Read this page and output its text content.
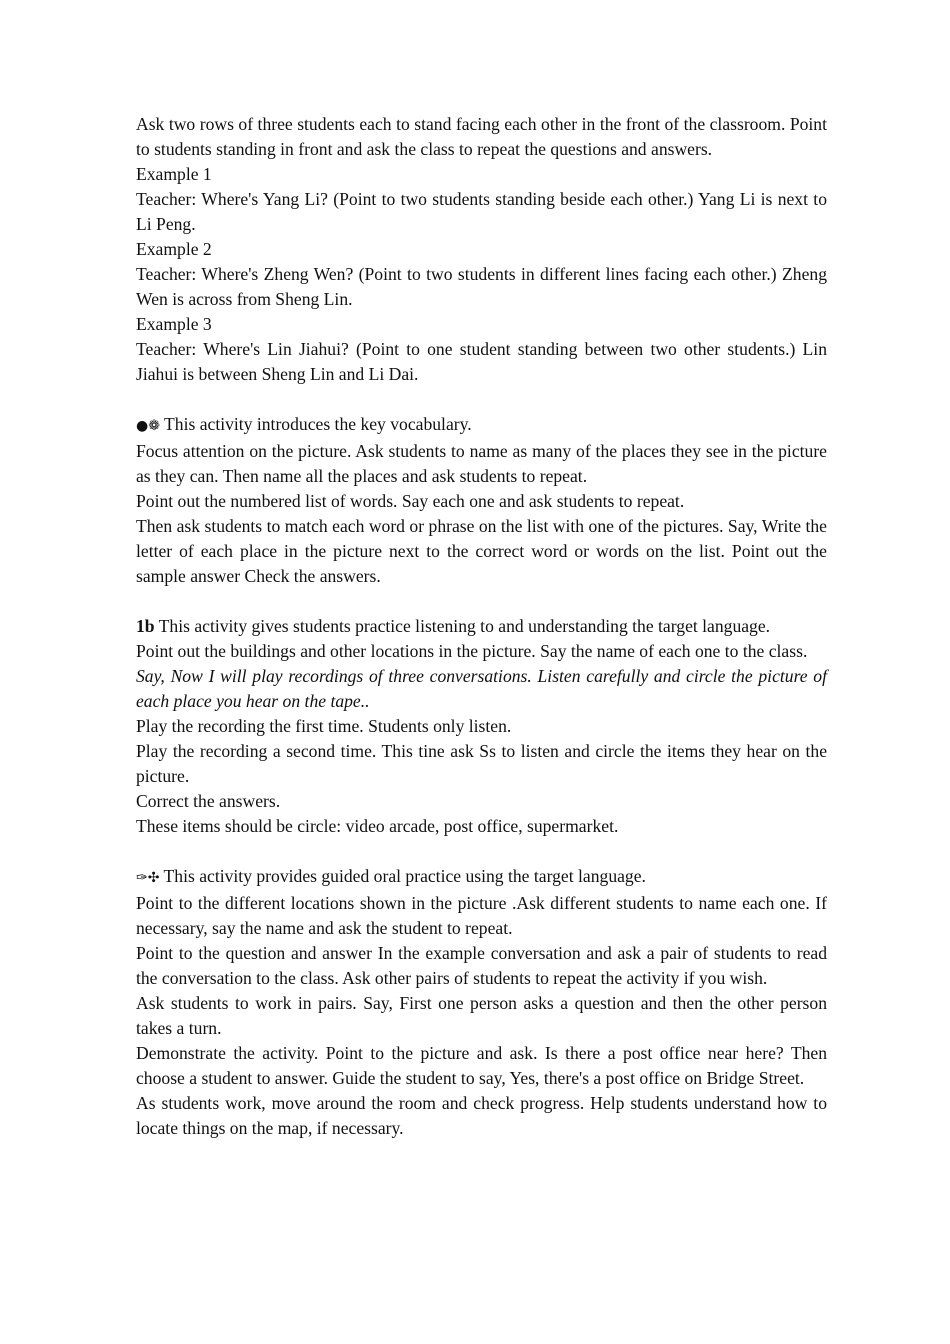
Ask two rows of three students each to stand facing each other in the front of the classroom. Point to students standing in front and ask the class to repeat the questions and answers.

Example 1

Teacher: Where's Yang Li? (Point to two students standing beside each other.) Yang Li is next to Li Peng.

Example 2

Teacher: Where's Zheng Wen? (Point to two students in different lines facing each other.) Zheng Wen is across from Sheng Lin.

Example 3

Teacher: Where's Lin Jiahui? (Point to one student standing between two other students.) Lin Jiahui is between Sheng Lin and Li Dai.

●❁ This activity introduces the key vocabulary.

Focus attention on the picture. Ask students to name as many of the places they see in the picture as they can. Then name all the places and ask students to repeat.

Point out the numbered list of words. Say each one and ask students to repeat.

Then ask students to match each word or phrase on the list with one of the pictures. Say, Write the letter of each place in the picture next to the correct word or words on the list. Point out the sample answer Check the answers.

1b This activity gives students practice listening to and understanding the target language.

Point out the buildings and other locations in the picture. Say the name of each one to the class.

Say, Now I will play recordings of three conversations. Listen carefully and circle the picture of each place you hear on the tape..

Play the recording the first time. Students only listen.

Play the recording a second time. This tine ask Ss to listen and circle the items they hear on the picture.

Correct the answers.

These items should be circle: video arcade, post office, supermarket.

✑✣ This activity provides guided oral practice using the target language.

Point to the different locations shown in the picture .Ask different students to name each one. If necessary, say the name and ask the student to repeat.

Point to the question and answer In the example conversation and ask a pair of students to read the conversation to the class. Ask other pairs of students to repeat the activity if you wish.

Ask students to work in pairs. Say, First one person asks a question and then the other person takes a turn.

Demonstrate the activity. Point to the picture and ask. Is there a post office near here? Then choose a student to answer. Guide the student to say, Yes, there's a post office on Bridge Street.

As students work, move around the room and check progress. Help students understand how to locate things on the map, if necessary.
